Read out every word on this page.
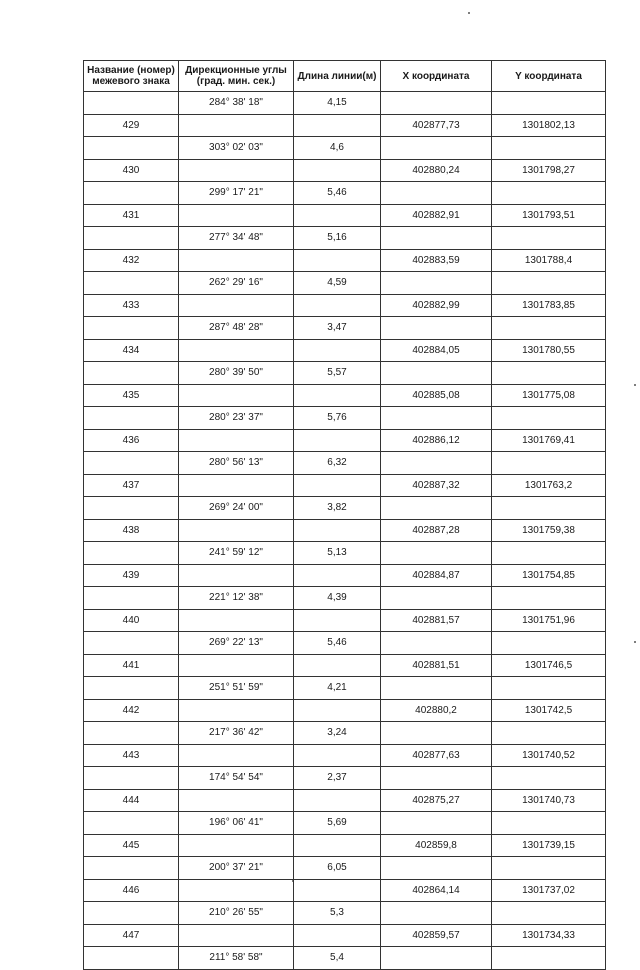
Название (номер) межевого знака	Дирекционные углы (град. мин. сек.)	Длина линии(м)	X координата	Y координата
	284° 38' 18"	4,15		
429			402877,73	1301802,13
	303° 02' 03"	4,6		
430			402880,24	1301798,27
	299° 17' 21"	5,46		
431			402882,91	1301793,51
	277° 34' 48"	5,16		
432			402883,59	1301788,4
	262° 29' 16"	4,59		
433			402882,99	1301783,85
	287° 48' 28"	3,47		
434			402884,05	1301780,55
	280° 39' 50"	5,57		
435			402885,08	1301775,08
	280° 23' 37"	5,76		
436			402886,12	1301769,41
	280° 56' 13"	6,32		
437			402887,32	1301763,2
	269° 24' 00"	3,82		
438			402887,28	1301759,38
	241° 59' 12"	5,13		
439			402884,87	1301754,85
	221° 12' 38"	4,39		
440			402881,57	1301751,96
	269° 22' 13"	5,46		
441			402881,51	1301746,5
	251° 51' 59"	4,21		
442			402880,2	1301742,5
	217° 36' 42"	3,24		
443			402877,63	1301740,52
	174° 54' 54"	2,37		
444			402875,27	1301740,73
	196° 06' 41"	5,69		
445			402859,8	1301739,15
	200° 37' 21"	6,05		
446			402864,14	1301737,02
	210° 26' 55"	5,3		
447			402859,57	1301734,33
	211° 58' 58"	5,4		
